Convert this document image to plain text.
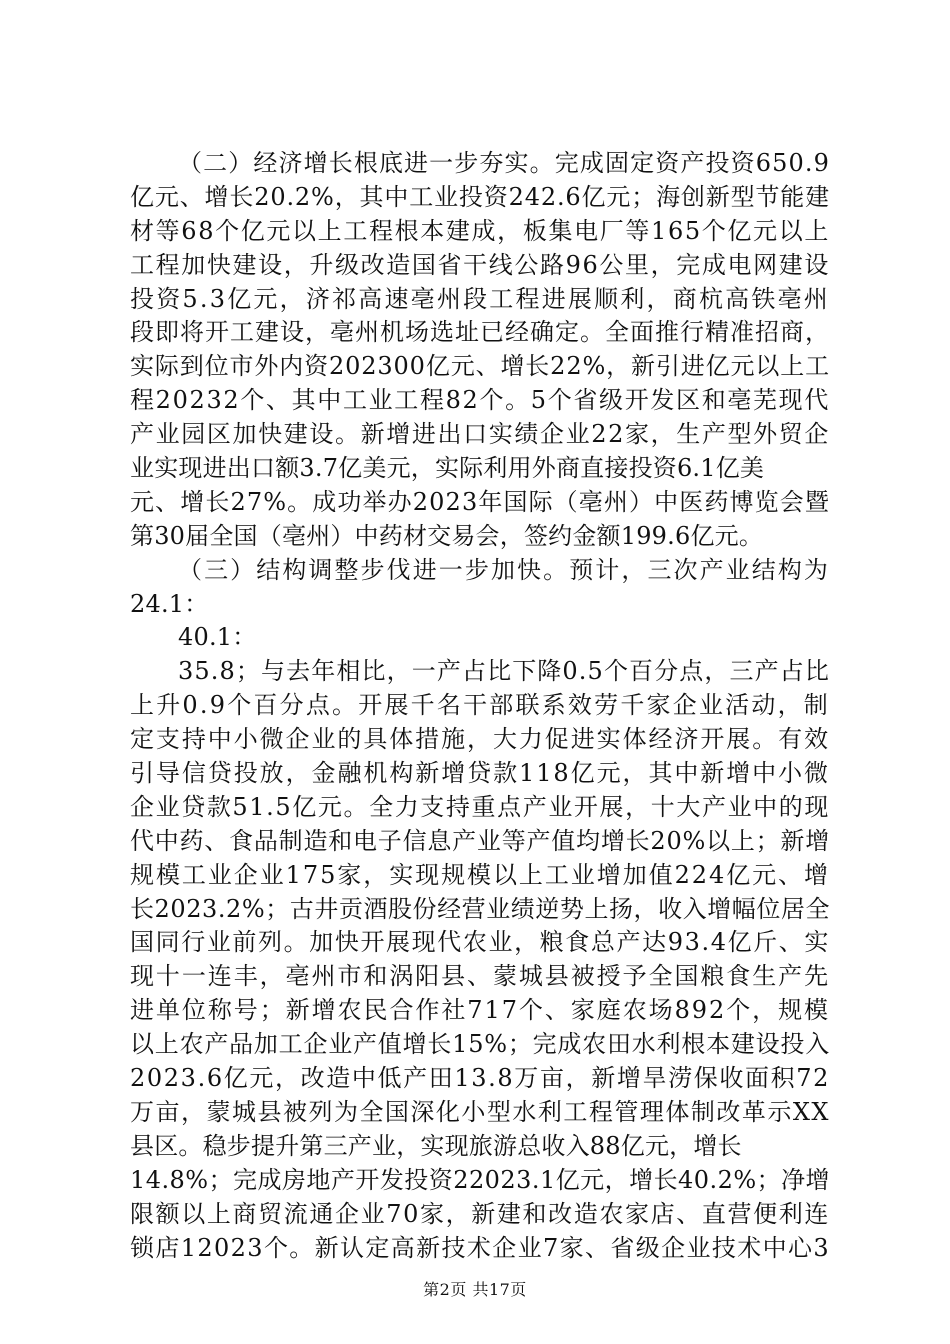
（二）经济增长根底进一步夯实。完成固定资产投资650.9
亿元、增长20.2%，其中工业投资242.6亿元；海创新型节能建
材等68个亿元以上工程根本建成，板集电厂等165个亿元以上
工程加快建设，升级改造国省干线公路96公里，完成电网建设
投资5.3亿元，济祁高速亳州段工程进展顺利，商杭高铁亳州
段即将开工建设，亳州机场选址已经确定。全面推行精准招商，
实际到位市外内资202300亿元、增长22%，新引进亿元以上工
程20232个、其中工业工程82个。5个省级开发区和亳芜现代
产业园区加快建设。新增进出口实绩企业22家，生产型外贸企
业实现进出口额3.7亿美元，实际利用外商直接投资6.1亿美
元、增长27%。成功举办2023年国际（亳州）中医药博览会暨
第30届全国（亳州）中药材交易会，签约金额199.6亿元。
（三）结构调整步伐进一步加快。预计，三次产业结构为
24.1：
40.1：
35.8；与去年相比，一产占比下降0.5个百分点，三产占比
上升0.9个百分点。开展千名干部联系效劳千家企业活动，制
定支持中小微企业的具体措施，大力促进实体经济开展。有效
引导信贷投放，金融机构新增贷款118亿元，其中新增中小微
企业贷款51.5亿元。全力支持重点产业开展，十大产业中的现
代中药、食品制造和电子信息产业等产值均增长20%以上；新增
规模工业企业175家，实现规模以上工业增加值224亿元、增
长2023.2%；古井贡酒股份经营业绩逆势上扬，收入增幅位居全
国同行业前列。加快开展现代农业，粮食总产达93.4亿斤、实
现十一连丰，亳州市和涡阳县、蒙城县被授予全国粮食生产先
进单位称号；新增农民合作社717个、家庭农场892个，规模
以上农产品加工企业产值增长15%；完成农田水利根本建设投入
2023.6亿元，改造中低产田13.8万亩，新增旱涝保收面积72
万亩，蒙城县被列为全国深化小型水利工程管理体制改革示XX
县区。稳步提升第三产业，实现旅游总收入88亿元，增长
14.8%；完成房地产开发投资22023.1亿元，增长40.2%；净增
限额以上商贸流通企业70家，新建和改造农家店、直营便利连
锁店12023个。新认定高新技术企业7家、省级企业技术中心3
第2页 共17页
